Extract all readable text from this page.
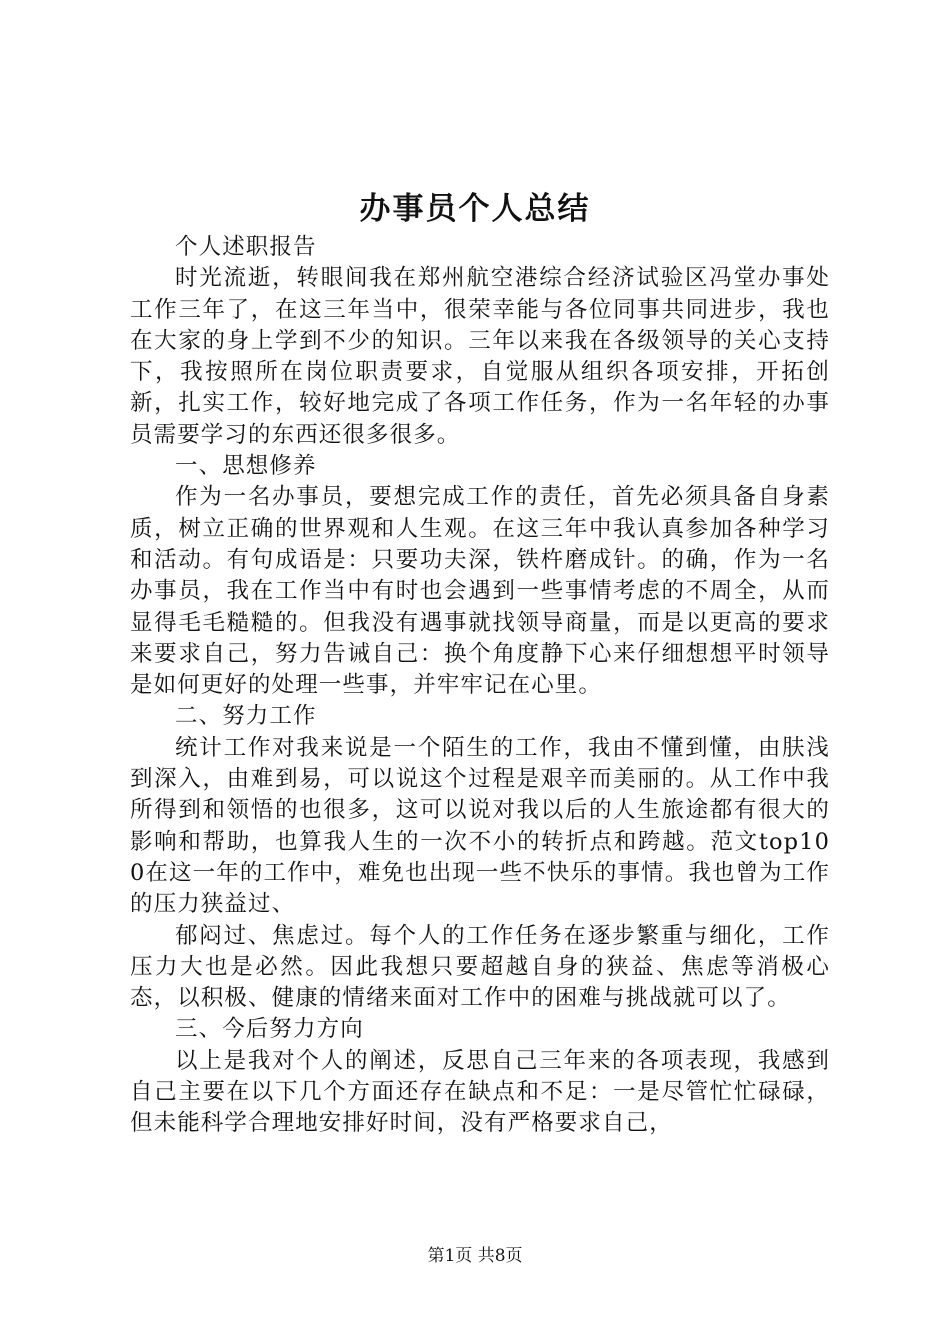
办事员个人总结

个人述职报告

时光流逝，转眼间我在郑州航空港综合经济试验区冯堂办事处工作三年了，在这三年当中，很荣幸能与各位同事共同进步，我也在大家的身上学到不少的知识。三年以来我在各级领导的关心支持下，我按照所在岗位职责要求，自觉服从组织各项安排，开拓创新，扎实工作，较好地完成了各项工作任务，作为一名年轻的办事员需要学习的东西还很多很多。

一、思想修养

作为一名办事员，要想完成工作的责任，首先必须具备自身素质，树立正确的世界观和人生观。在这三年中我认真参加各种学习和活动。有句成语是：只要功夫深，铁杵磨成针。的确，作为一名办事员，我在工作当中有时也会遇到一些事情考虑的不周全，从而显得毛毛糙糙的。但我没有遇事就找领导商量，而是以更高的要求来要求自己，努力告诫自己：换个角度静下心来仔细想想平时领导是如何更好的处理一些事，并牢牢记在心里。

二、努力工作

统计工作对我来说是一个陌生的工作，我由不懂到懂，由肤浅到深入，由难到易，可以说这个过程是艰辛而美丽的。从工作中我所得到和领悟的也很多，这可以说对我以后的人生旅途都有很大的影响和帮助，也算我人生的一次不小的转折点和跨越。范文top100在这一年的工作中，难免也出现一些不快乐的事情。我也曾为工作的压力狭益过、

郁闷过、焦虑过。每个人的工作任务在逐步繁重与细化，工作压力大也是必然。因此我想只要超越自身的狭益、焦虑等消极心态，以积极、健康的情绪来面对工作中的困难与挑战就可以了。

三、今后努力方向

以上是我对个人的阐述，反思自己三年来的各项表现，我感到自己主要在以下几个方面还存在缺点和不足：一是尽管忙忙碌碌，但未能科学合理地安排好时间，没有严格要求自己，

第1页 共8页
